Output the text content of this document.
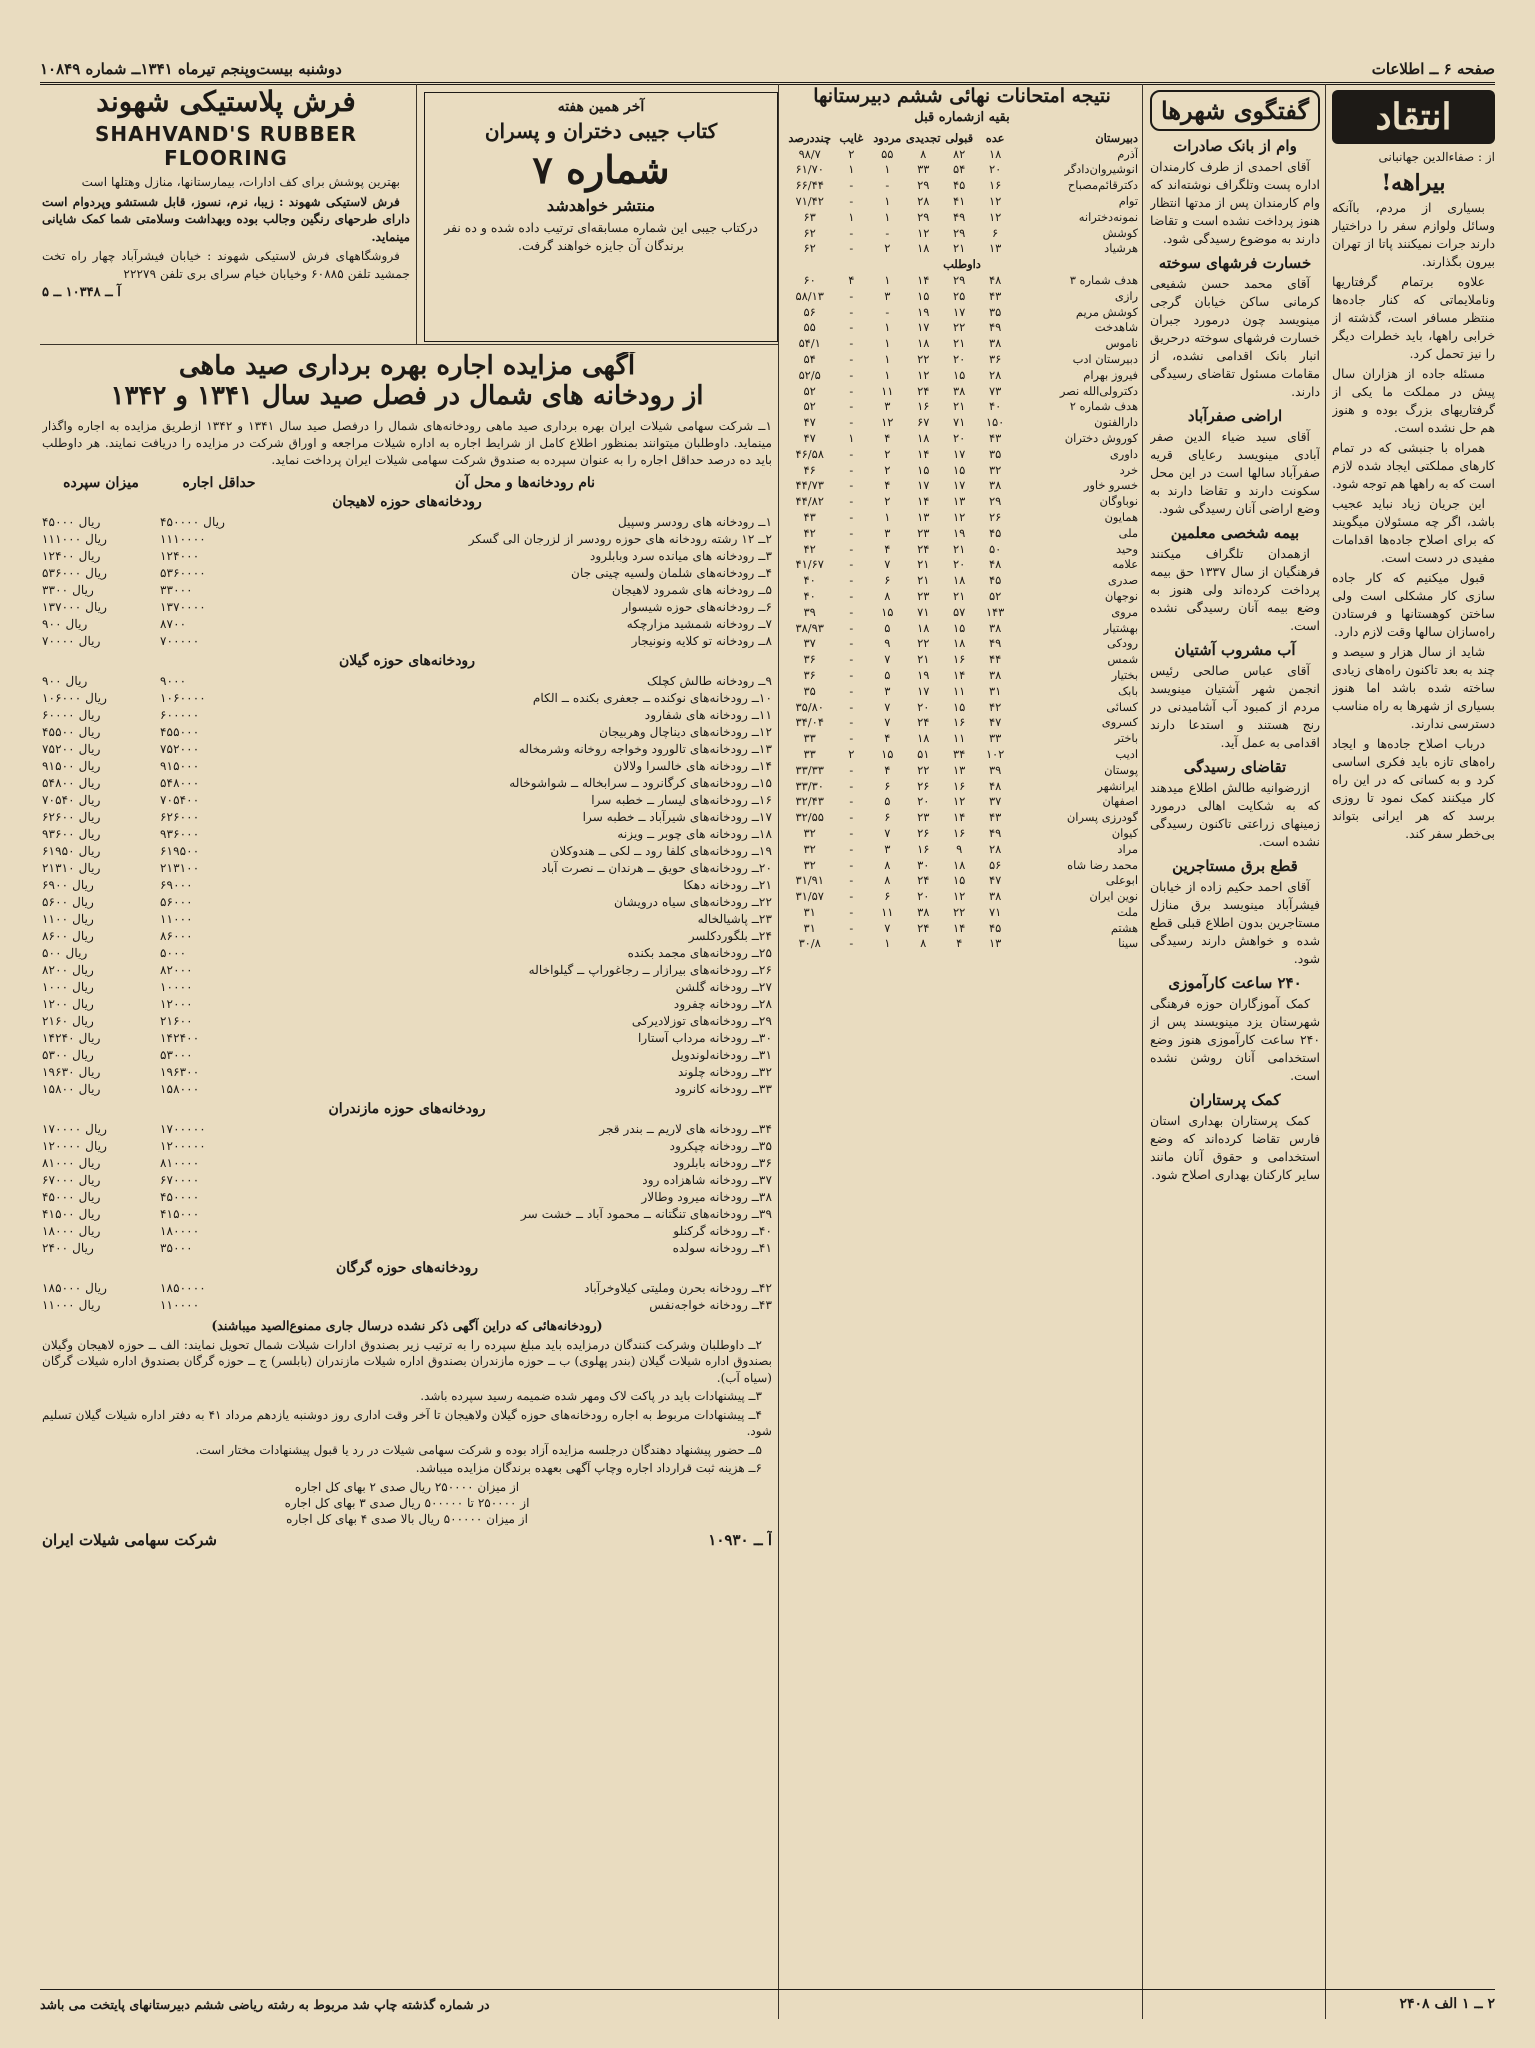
صفحه ۶ ــ اطلاعات
دوشنبه بیست‌وپنجم تیرماه ۱۳۴۱ــ شماره ۱۰۸۴۹
انتقاد
از : صفاءالدین جهانبانی
بیراهه!

بسیاری از مردم، باآنکه وسائل ولوازم سفر را دراختیار دارند جرات نمیکنند پاتا از تهران بیرون بگذارند.

علاوه برتمام گرفتاریها وناملایماتی که کنار جاده‌ها منتظر مسافر است، گذشته از خرابی راهها، باید خطرات دیگر را نیز تحمل کرد.

مسئله جاده از هزاران سال پیش در مملکت ما یکی از گرفتاریهای بزرگ بوده و هنوز هم حل نشده است.

همراه با جنبشی که در تمام کارهای مملکتی ایجاد شده لازم است که به راهها هم توجه شود.

این جریان زیاد نباید عجیب باشد، اگر چه مسئولان میگویند که برای اصلاح جاده‌ها اقدامات مفیدی در دست است.

قبول میکنیم که کار جاده سازی کار مشکلی است ولی ساختن کوهستانها و فرستادن راه‌سازان سالها وقت لازم دارد.

شاید از سال هزار و سیصد و چند به بعد تاکنون راه‌های زیادی ساخته شده باشد اما هنوز بسیاری از شهرها به راه مناسب دسترسی ندارند.

درباب اصلاح جاده‌ها و ایجاد راه‌های تازه باید فکری اساسی کرد و به کسانی که در این راه کار میکنند کمک نمود تا روزی برسد که هر ایرانی بتواند بی‌خطر سفر کند.

گفتگوی شهرها
وام از بانک صادرات

آقای احمدی از طرف کارمندان اداره پست وتلگراف نوشته‌اند که وام کارمندان پس از مدتها انتظار هنوز پرداخت نشده است و تقاضا دارند به موضوع رسیدگی شود.

خسارت فرشهای سوخته

آقای محمد حسن شفیعی کرمانی ساکن خیابان گرجی مینویسد چون درمورد جبران خسارت فرشهای سوخته درحریق انبار بانک اقدامی نشده، از مقامات مسئول تقاضای رسیدگی دارند.

اراضی صفرآباد

آقای سید ضیاء الدین صفر آبادی مینویسد رعایای قریه صفرآباد سالها است در این محل سکونت دارند و تقاضا دارند به وضع اراضی آنان رسیدگی شود.

بیمه شخصی معلمین

ازهمدان تلگراف میکنند فرهنگیان از سال ۱۳۳۷ حق بیمه پرداخت کرده‌اند ولی هنوز به وضع بیمه آنان رسیدگی نشده است.

آب مشروب آشتیان

آقای عباس صالحی رئیس انجمن شهر آشتیان مینویسد مردم از کمبود آب آشامیدنی در رنج هستند و استدعا دارند اقدامی به عمل آید.

تقاضای رسیدگی

ازرضوانیه طالش اطلاع میدهند که به شکایت اهالی درمورد زمینهای زراعتی تاکنون رسیدگی نشده است.

قطع برق مستاجرین

آقای احمد حکیم زاده از خیابان فیشرآباد مینویسد برق منازل مستاجرین بدون اطلاع قبلی قطع شده و خواهش دارند رسیدگی شود.

۲۴۰ ساعت کارآموزی

کمک آموزگاران حوزه فرهنگی شهرستان یزد مینویسند پس از ۲۴۰ ساعت کارآموزی هنوز وضع استخدامی آنان روشن نشده است.

کمک پرستاران

کمک پرستاران بهداری استان فارس تقاضا کرده‌اند که وضع استخدامی و حقوق آنان مانند سایر کارکنان بهداری اصلاح شود.

نتیجه امتحانات نهائی ششم دبیرستانها
بقیه ازشماره قبل
دبیرستان
عده
قبولی
تجدیدی
مردود
غایب
چنددرصد
آذرم
۱۸
۸۲
۸
۵۵
۲
۹۸/۷
انوشیروان‌دادگر
۲۰
۵۴
۳۳
۱
۱
۶۱/۷۰
دکترقائم‌مصباح
۱۶
۴۵
۲۹
-
-
۶۶/۴۴
توام
۱۲
۴۱
۲۸
۱
-
۷۱/۴۲
نمونه‌دخترانه
۱۲
۴۹
۲۹
۱
۱
۶۳
کوشش
۶
۲۹
۱۲
-
-
۶۲
هرشیاد
۱۳
۲۱
۱۸
۲
-
۶۲
داوطلب
هدف شماره ۳
۴۸
۲۹
۱۴
۱
۴
۶۰
رازی
۴۳
۲۵
۱۵
۳
-
۵۸/۱۳
کوشش مریم
۳۵
۱۷
۱۹
-
-
۵۶
شاهدخت
۴۹
۲۲
۱۷
۱
-
۵۵
ناموس
۳۸
۲۱
۱۸
۱
-
۵۴/۱
دبیرستان ادب
۳۶
۲۰
۲۲
۱
-
۵۴
فیروز بهرام
۲۸
۱۵
۱۲
۱
-
۵۲/۵
دکترولی‌الله نصر
۷۳
۳۸
۲۴
۱۱
-
۵۲
هدف شماره ۲
۴۰
۲۱
۱۶
۳
-
۵۲
دارالفنون
۱۵۰
۷۱
۶۷
۱۲
-
۴۷
کوروش دختران
۴۳
۲۰
۱۸
۴
۱
۴۷
داوری
۳۵
۱۷
۱۴
۲
-
۴۶/۵۸
خرد
۳۲
۱۵
۱۵
۲
-
۴۶
خسرو خاور
۳۸
۱۷
۱۷
۴
-
۴۴/۷۳
نوباوگان
۲۹
۱۳
۱۴
۲
-
۴۴/۸۲
همایون
۲۶
۱۲
۱۳
۱
-
۴۳
ملی
۴۵
۱۹
۲۳
۳
-
۴۲
وحید
۵۰
۲۱
۲۴
۴
-
۴۲
علامه
۴۸
۲۰
۲۱
۷
-
۴۱/۶۷
صدری
۴۵
۱۸
۲۱
۶
-
۴۰
نوجهان
۵۲
۲۱
۲۳
۸
-
۴۰
مروی
۱۴۳
۵۷
۷۱
۱۵
-
۳۹
بهشتیار
۳۸
۱۵
۱۸
۵
-
۳۸/۹۳
رودکی
۴۹
۱۸
۲۲
۹
-
۳۷
شمس
۴۴
۱۶
۲۱
۷
-
۳۶
بختیار
۳۸
۱۴
۱۹
۵
-
۳۶
بابک
۳۱
۱۱
۱۷
۳
-
۳۵
کسائی
۴۲
۱۵
۲۰
۷
-
۳۵/۸۰
کسروی
۴۷
۱۶
۲۴
۷
-
۳۴/۰۴
باختر
۳۳
۱۱
۱۸
۴
-
۳۳
ادیب
۱۰۲
۳۴
۵۱
۱۵
۲
۳۳
پوستان
۳۹
۱۳
۲۲
۴
-
۳۳/۳۳
ایرانشهر
۴۸
۱۶
۲۶
۶
-
۳۳/۳۰
اصفهان
۳۷
۱۲
۲۰
۵
-
۳۲/۴۳
گودرزی پسران
۴۳
۱۴
۲۳
۶
-
۳۲/۵۵
کیوان
۴۹
۱۶
۲۶
۷
-
۳۲
مراد
۲۸
۹
۱۶
۳
-
۳۲
محمد رضا شاه
۵۶
۱۸
۳۰
۸
-
۳۲
ابوعلی
۴۷
۱۵
۲۴
۸
-
۳۱/۹۱
نوین ایران
۳۸
۱۲
۲۰
۶
-
۳۱/۵۷
ملت
۷۱
۲۲
۳۸
۱۱
-
۳۱
هشتم
۴۵
۱۴
۲۴
۷
-
۳۱
سینا
۱۳
۴
۸
۱
-
۳۰/۸
آخر همین هفته
کتاب جیبی دختران و پسران
شماره ۷
منتشر خواهدشد
درکتاب جیبی این شماره مسابقه‌ای ترتیب داده شده و ده نفر برندگان آن جایزه خواهند گرفت.
فرش پلاستیکی شهوند
SHAHVAND'S RUBBER FLOORING

بهترین پوشش برای کف ادارات، بیمارستانها، منازل وهتلها است

فرش لاستیکی شهوند : زیبا، نرم، نسوز، قابل شستشو وپردوام است دارای طرحهای رنگین وجالب بوده وبهداشت وسلامتی شما کمک شایانی مینماید.

فروشگاههای فرش لاستیکی شهوند : خیابان فیشرآباد چهار راه تخت جمشید تلفن ۶۰۸۸۵ وخیابان خیام سرای بری تلفن ۲۲۲۷۹

آ ــ ۱۰۳۴۸ ــ ۵
آگهی مزایده اجاره بهره برداری صید ماهی
از رودخانه های شمال در فصل صید سال ۱۳۴۱ و ۱۳۴۲
۱ــ شرکت سهامی شیلات ایران بهره برداری صید ماهی رودخانه‌های شمال را درفصل صید سال ۱۳۴۱ و ۱۳۴۲ ازطریق مزایده به اجاره واگذار مینماید. داوطلبان میتوانند بمنظور اطلاع کامل از شرایط اجاره به اداره شیلات مراجعه و اوراق شرکت در مزایده را دریافت نمایند. هر داوطلب باید ده درصد حداقل اجاره را به عنوان سپرده به صندوق شرکت سهامی شیلات ایران پرداخت نماید.
نام رودخانه‌ها و محل آن
حداقل اجاره
میزان سپرده
رودخانه‌های حوزه لاهیجان
۱ــ رودخانه های رودسر وسپیل
۴۵۰۰۰۰ ریال
۴۵۰۰۰ ریال
۲ــ ۱۲ رشته رودخانه های حوزه رودسر از لزرجان الی گسکر
۱۱۱۰۰۰۰
۱۱۱۰۰۰ ریال
۳ــ رودخانه های میانده سرد وبابلرود
۱۲۴۰۰۰
۱۲۴۰۰ ریال
۴ــ رودخانه‌های شلمان ولسیه چینی جان
۵۳۶۰۰۰۰
۵۳۶۰۰۰ ریال
۵ــ رودخانه های شمرود لاهیجان
۳۳۰۰۰
۳۳۰۰ ریال
۶ــ رودخانه‌های حوزه شیسوار
۱۳۷۰۰۰۰
۱۳۷۰۰۰ ریال
۷ــ رودخانه شمشید مزارچکه
۸۷۰۰
۹۰۰ ریال
۸ــ رودخانه تو کلایه ونونیجار
۷۰۰۰۰۰
۷۰۰۰۰ ریال
رودخانه‌های حوزه گیلان
۹ــ رودخانه طالش کچلک
۹۰۰۰
۹۰۰ ریال
۱۰ــ رودخانه‌های نوکنده ــ جعفری بکنده ــ الکام
۱۰۶۰۰۰۰
۱۰۶۰۰۰ ریال
۱۱ــ رودخانه های شفارود
۶۰۰۰۰۰
۶۰۰۰۰ ریال
۱۲ــ رودخانه‌های دیناچال وهربیجان
۴۵۵۰۰۰
۴۵۵۰۰ ریال
۱۳ــ رودخانه‌های تالورود وخواجه روخانه وشرمخاله
۷۵۲۰۰۰
۷۵۲۰۰ ریال
۱۴ــ رودخانه های خالسرا ولالان
۹۱۵۰۰۰
۹۱۵۰۰ ریال
۱۵ــ رودخانه‌های کرگانرود ــ سرابخاله ــ شواشوخاله
۵۴۸۰۰۰
۵۴۸۰۰ ریال
۱۶ــ رودخانه‌های لیسار ــ خطبه سرا
۷۰۵۴۰۰
۷۰۵۴۰ ریال
۱۷ــ رودخانه‌های شیرآباد ــ خطبه سرا
۶۲۶۰۰۰
۶۲۶۰۰ ریال
۱۸ــ رودخانه های چوبر ــ ویزنه
۹۳۶۰۰۰
۹۳۶۰۰ ریال
۱۹ــ رودخانه‌های کلفا رود ــ لکی ــ هندوکلان
۶۱۹۵۰۰
۶۱۹۵۰ ریال
۲۰ــ رودخانه‌های حویق ــ هرندان ــ نصرت آباد
۲۱۳۱۰۰
۲۱۳۱۰ ریال
۲۱ــ رودخانه دهکا
۶۹۰۰۰
۶۹۰۰ ریال
۲۲ــ رودخانه‌های سیاه درویشان
۵۶۰۰۰
۵۶۰۰ ریال
۲۳ــ پاشیالخاله
۱۱۰۰۰
۱۱۰۰ ریال
۲۴ــ بلگوردکلسر
۸۶۰۰۰
۸۶۰۰ ریال
۲۵ــ رودخانه‌های مجمد بکنده
۵۰۰۰
۵۰۰ ریال
۲۶ــ رودخانه‌های بیرازار ــ رجاغوراپ ــ گیلواخاله
۸۲۰۰۰
۸۲۰۰ ریال
۲۷ــ رودخانه گلشن
۱۰۰۰۰
۱۰۰۰ ریال
۲۸ــ رودخانه چفرود
۱۲۰۰۰
۱۲۰۰ ریال
۲۹ــ رودخانه‌های توزلادیرکی
۲۱۶۰۰
۲۱۶۰ ریال
۳۰ــ رودخانه مرداب آستارا
۱۴۲۴۰۰
۱۴۲۴۰ ریال
۳۱ــ رودخانه‌لوندویل
۵۳۰۰۰
۵۳۰۰ ریال
۳۲ــ رودخانه چلوند
۱۹۶۳۰۰
۱۹۶۳۰ ریال
۳۳ــ رودخانه کانرود
۱۵۸۰۰۰
۱۵۸۰۰ ریال
رودخانه‌های حوزه مازندران
۳۴ــ رودخانه های لاریم ــ بندر قجر
۱۷۰۰۰۰۰
۱۷۰۰۰۰ ریال
۳۵ــ رودخانه چپکرود
۱۲۰۰۰۰۰
۱۲۰۰۰۰ ریال
۳۶ــ رودخانه بابلرود
۸۱۰۰۰۰
۸۱۰۰۰ ریال
۳۷ــ رودخانه شاهزاده رود
۶۷۰۰۰۰
۶۷۰۰۰ ریال
۳۸ــ رودخانه میرود وطالار
۴۵۰۰۰۰
۴۵۰۰۰ ریال
۳۹ــ رودخانه‌های تنگتانه ــ محمود آباد ــ خشت سر
۴۱۵۰۰۰
۴۱۵۰۰ ریال
۴۰ــ رودخانه گرکنلو
۱۸۰۰۰۰
۱۸۰۰۰ ریال
۴۱ــ رودخانه سولده
۳۵۰۰۰
۲۴۰۰ ریال
رودخانه‌های حوزه گرگان
۴۲ــ رودخانه بحرن وملیتی کیلاوخرآباد
۱۸۵۰۰۰۰
۱۸۵۰۰۰ ریال
۴۳ــ رودخانه خواجه‌نفس
۱۱۰۰۰۰
۱۱۰۰۰ ریال
(رودخانه‌هائی که دراین آگهی ذکر نشده درسال جاری ممنوع‌الصید میباشند)

۲ــ داوطلبان وشرکت کنندگان درمزایده باید مبلغ سپرده را به ترتیب زیر بصندوق ادارات شیلات شمال تحویل نمایند: الف ــ حوزه لاهیجان وگیلان بصندوق اداره شیلات گیلان (بندر پهلوی) ب ــ حوزه مازندران بصندوق اداره شیلات مازندران (بابلسر) ج ــ حوزه گرگان بصندوق اداره شیلات گرگان (سیاه آب).

۳ــ پیشنهادات باید در پاکت لاک ومهر شده ضمیمه رسید سپرده باشد.

۴ــ پیشنهادات مربوط به اجاره رودخانه‌های حوزه گیلان ولاهیجان تا آخر وقت اداری روز دوشنبه یازدهم مرداد ۴۱ به دفتر اداره شیلات گیلان تسلیم شود.

۵ــ حضور پیشنهاد دهندگان درجلسه مزایده آزاد بوده و شرکت سهامی شیلات در رد یا قبول پیشنهادات مختار است.

۶ــ هزینه ثبت قرارداد اجاره وچاپ آگهی بعهده برندگان مزایده میباشد.

از میزان ۲۵۰۰۰۰ ریال صدی ۲ بهای کل اجاره
از ۲۵۰۰۰۰ تا ۵۰۰۰۰۰ ریال صدی ۳ بهای کل اجاره
از میزان ۵۰۰۰۰۰ ریال بالا صدی ۴ بهای کل اجاره
آ ــ ۱۰۹۳۰
شرکت سهامی شیلات ایران
۲ ــ ۱ الف ۲۴۰۸
در شماره گذشته چاپ شد مربوط به رشته ریاضی ششم دبیرستانهای پایتخت می باشد
